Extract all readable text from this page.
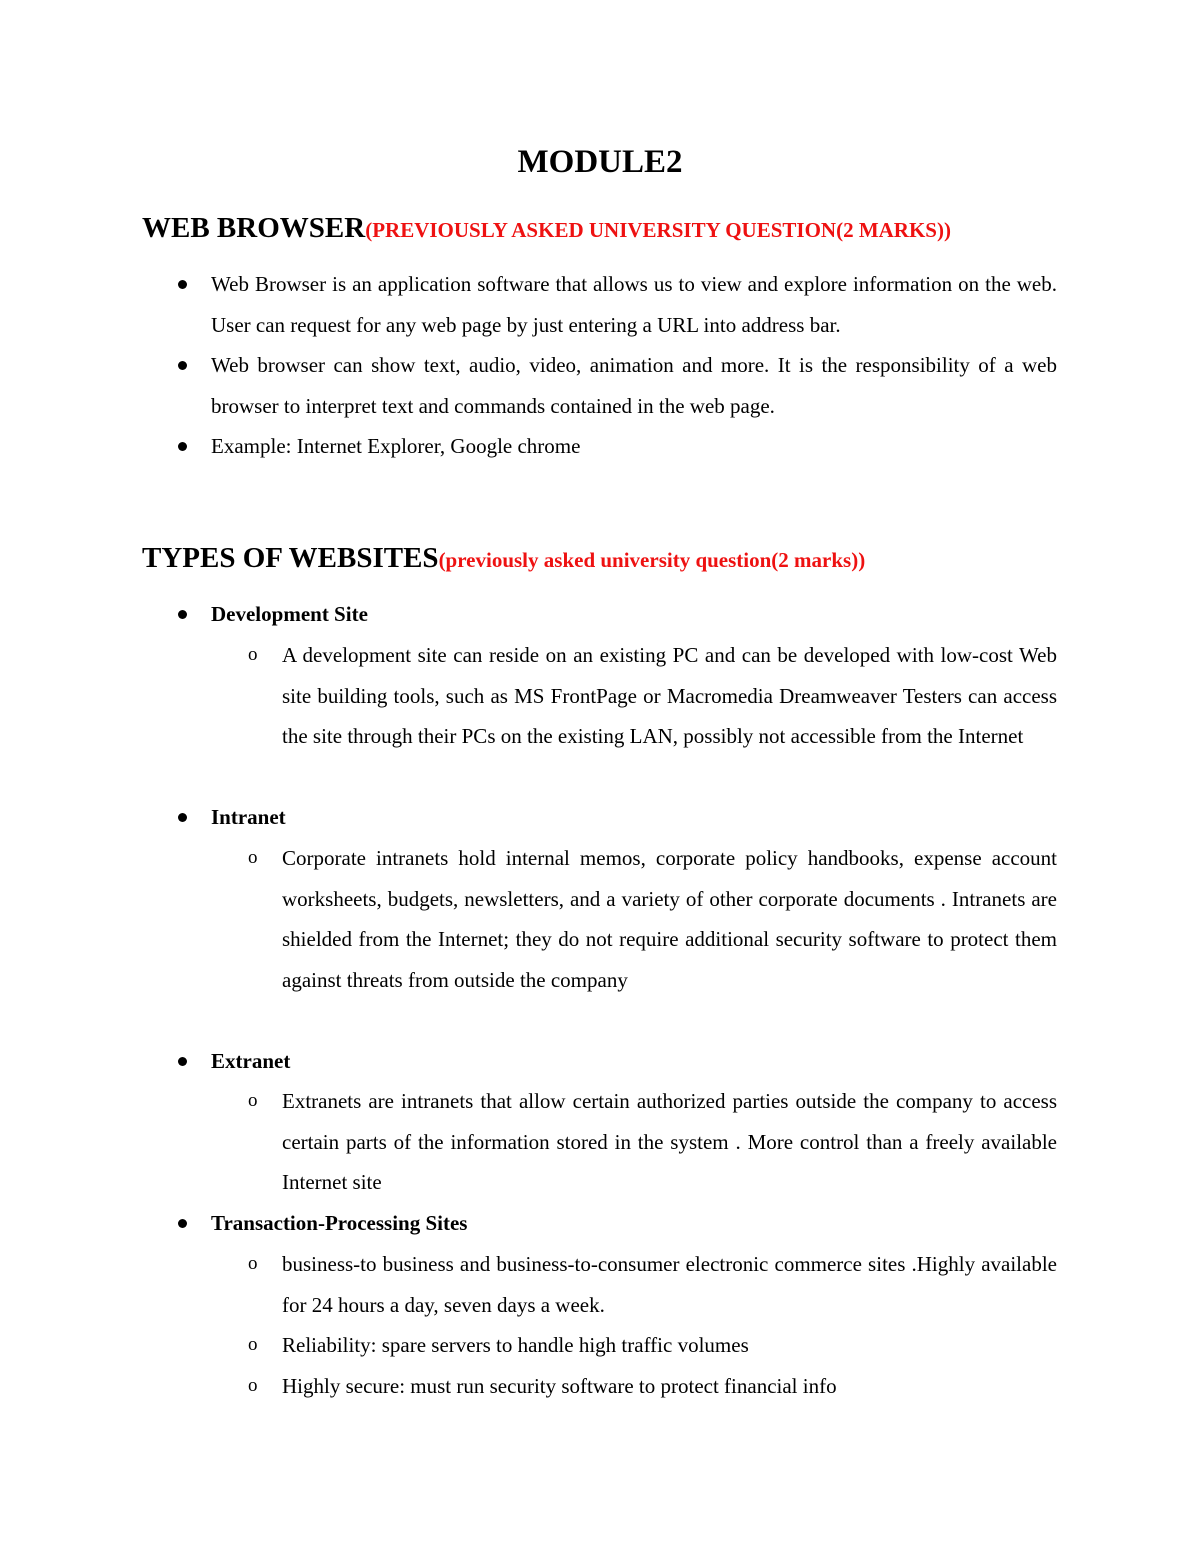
MODULE2
WEB BROWSER(PREVIOUSLY ASKED UNIVERSITY QUESTION(2 MARKS))
Web Browser is an application software that allows us to view and explore information on the web. User can request for any web page by just entering a URL into address bar.
Web browser can show text, audio, video, animation and more. It is the responsibility of a web browser to interpret text and commands contained in the web page.
Example: Internet Explorer, Google chrome
TYPES OF WEBSITES(previously asked university question(2 marks))
Development Site
o A development site can reside on an existing PC and can be developed with low-cost Web site building tools, such as MS FrontPage or Macromedia Dreamweaver Testers can access the site through their PCs on the existing LAN, possibly not accessible from the Internet
Intranet
o Corporate intranets hold internal memos, corporate policy handbooks, expense account worksheets, budgets, newsletters, and a variety of other corporate documents . Intranets are shielded from the Internet; they do not require additional security software to protect them against threats from outside the company
Extranet
o Extranets are intranets that allow certain authorized parties outside the company to access certain parts of the information stored in the system . More control than a freely available Internet site
Transaction-Processing Sites
o business-to business and business-to-consumer electronic commerce sites .Highly available for 24 hours a day, seven days a week.
o Reliability: spare servers to handle high traffic volumes
o Highly secure: must run security software to protect financial info
